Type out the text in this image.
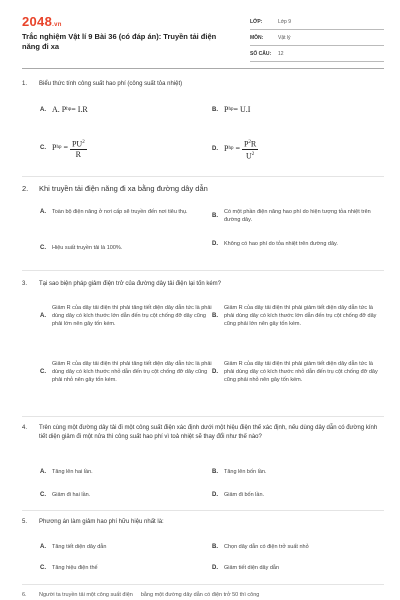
2048.vn
Trắc nghiệm Vật lí 9 Bài 36 (có đáp án): Truyền tải điện năng đi xa
LỚP:	Lớp 9
MÔN:	Vật lý
SỐ CÂU:	12
1.	Biểu thức tính công suất hao phí (công suất tỏa nhiệt)
A. A. P hp = I.R	B. P hp = U.I
C. P hp = $\frac{PU^2}{R}$	D. P hp = $\frac{P^2R}{U^2}$
2.	Khi truyền tải điện năng đi xa bằng đường dây dẫn
A.	Toàn bộ điện năng ở nơi cấp sẽ truyền đến nơi tiêu thụ.
B.
Có một phần điện năng hao phí do hiện tượng tỏa nhiệt trên đường dây.
C.	Hiệu suất truyền tải là 100%.
D.	Không có hao phí do tỏa nhiệt trên đường dây.
3.	Tại sao biện pháp giảm điện trở của đường dây tải điện lại tốn kém?
A.
Giảm R của dây tải điện thì phải tăng tiết diện dây dẫn tức là phải dùng dây có kích thước lớn dẫn đến trụ cột chống đỡ dây cũng phải lớn nên gây tốn kém.
B.
Giảm R của dây tải điện thì phải giảm tiết diện dây dẫn tức là phải dùng dây có kích thước lớn dẫn đến trụ cột chống đỡ dây cũng phải lớn nên gây tốn kém.
C.
Giảm R của dây tải điện thì phải tăng tiết diện dây dẫn tức là phải dùng dây có kích thước nhỏ dẫn đến trụ cột chống đỡ dây cũng phải nhỏ nên gây tốn kém.
D.
Giảm R của dây tải điện thì phải giảm tiết diện dây dẫn tức là phải dùng dây có kích thước nhỏ dẫn đến trụ cột chống đỡ dây cũng phải nhỏ nên gây tốn kém.
4.	Trên cùng một đường dây tải đi một công suất điện xác định dưới một hiệu điện thế xác định, nếu dùng dây dẫn có đường kính tiết diện giảm đi một nửa thì công suất hao phí vì toả nhiệt sẽ thay đổi như thế nào?
A.	Tăng lên hai lần.	B.	Tăng lên bốn lần.
C.	Giảm đi hai lần.	D.	Giảm đi bốn lần.
5.	Phương án làm giảm hao phí hữu hiệu nhất là:
A.	Tăng tiết diện dây dẫn	B.	Chọn dây dẫn có điện trở suất nhỏ
C.	Tăng hiệu điện thế	D.	Giảm tiết diện dây dẫn
6.	Người ta truyền tải một công suất điện bằng một đường dây dẫn có điện trở 50 thì công
